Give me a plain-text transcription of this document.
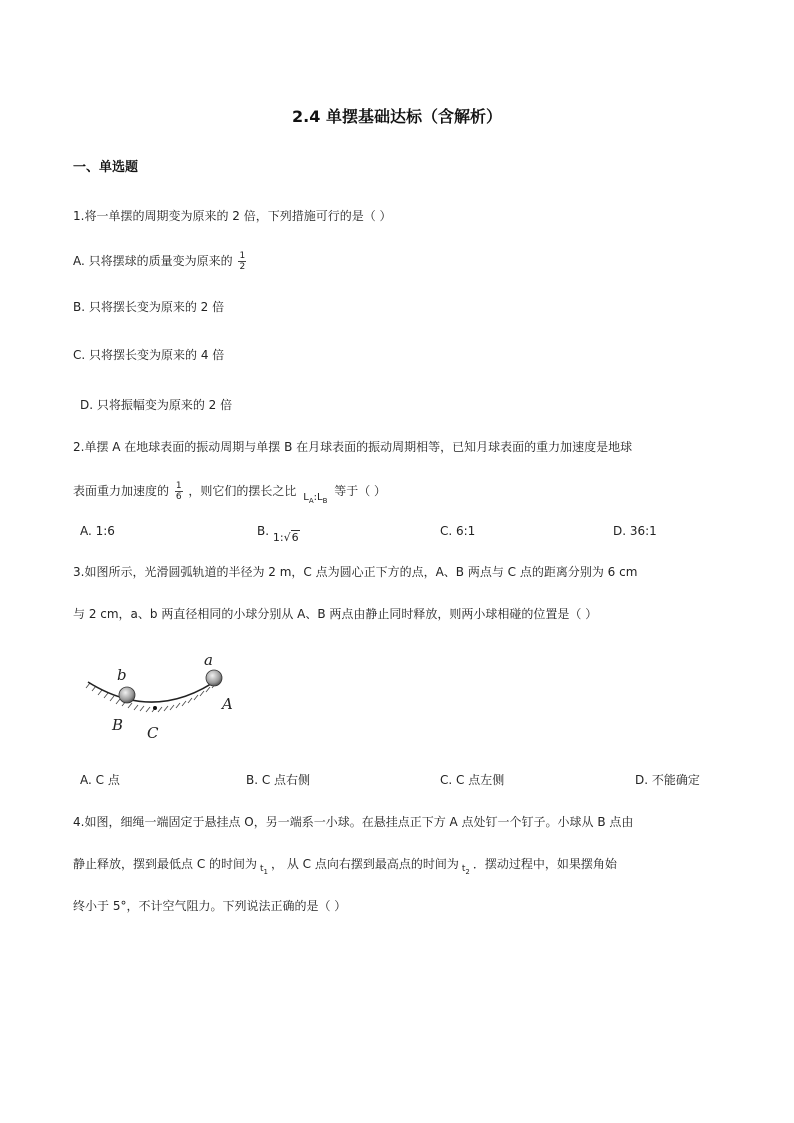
2.4 单摆基础达标（含解析）
一、单选题
1.将一单摆的周期变为原来的 2 倍，下列措施可行的是（ ）
A. 只将摆球的质量变为原来的 $\frac{1}{2}$
B. 只将摆长变为原来的 2 倍
C. 只将摆长变为原来的 4 倍
D. 只将振幅变为原来的 2 倍
2.单摆 A 在地球表面的振动周期与单摆 B 在月球表面的振动周期相等，已知月球表面的重力加速度是地球
表面重力加速度的 $\frac{1}{6}$ ，则它们的摆长之比 $_{L_A:L_B}$ 等于（ ）
A. 1:6	B. 1:√6	C. 6:1	D. 36:1
3.如图所示，光滑圆弧轨道的半径为 2 m，C 点为圆心正下方的点，A、B 两点与 C 点的距离分别为 6 cm
与 2 cm，a、b 两直径相同的小球分别从 A、B 两点由静止同时释放，则两小球相碰的位置是（ ）
b
a
B C
A
A. C 点	B. C 点右侧	C. C 点左侧	D. 不能确定
4.如图，细绳一端固定于悬挂点 O，另一端系一小球。在悬挂点正下方 A 点处钉一个钉子。小球从 B 点由
静止释放，摆到最低点 C 的时间为 $_{t_1}$， 从 C 点向右摆到最高点的时间为 $_{t_2}$．摆动过程中，如果摆角始
终小于 5°，不计空气阻力。下列说法正确的是（ ）
